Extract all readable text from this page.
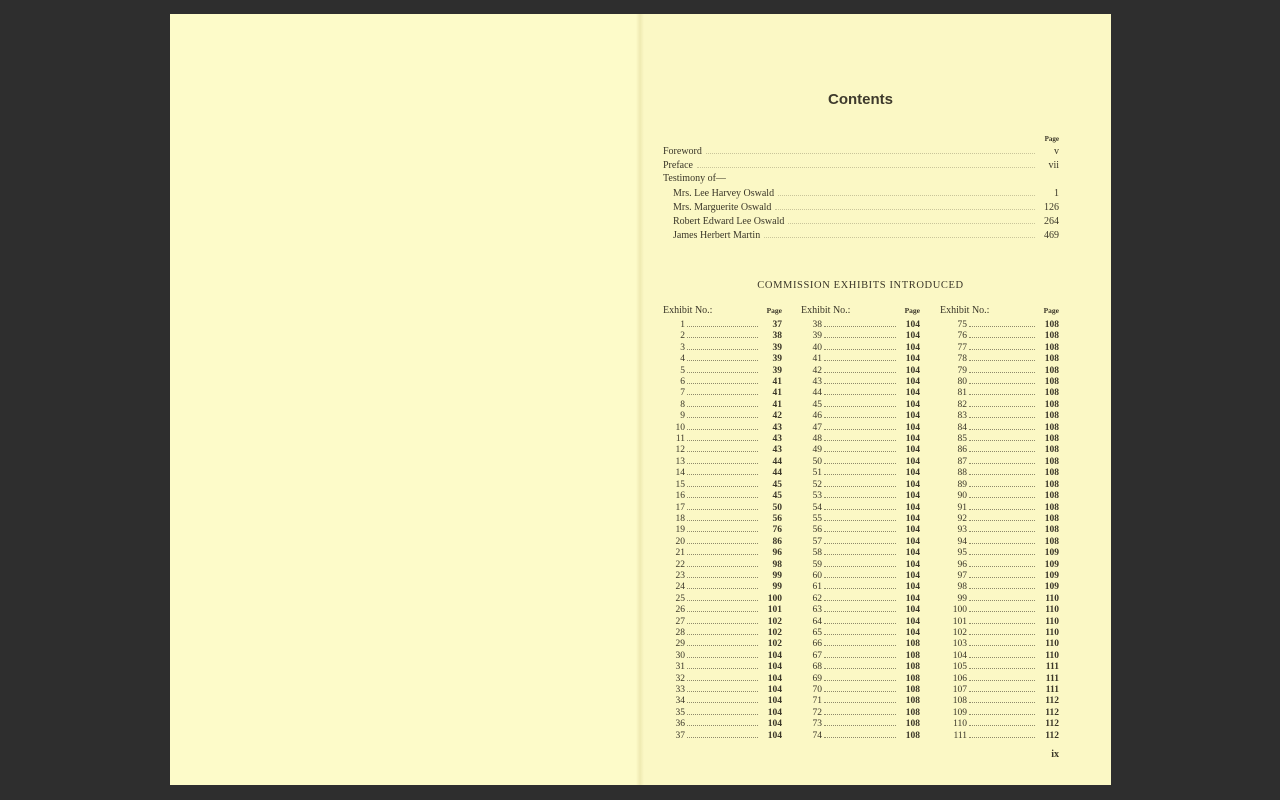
Contents
Page
Foreword	v
Preface	vii
Testimony of—
Mrs. Lee Harvey Oswald	1
Mrs. Marguerite Oswald	126
Robert Edward Lee Oswald	264
James Herbert Martin	469
COMMISSION EXHIBITS INTRODUCED
Exhibit No.:	Page
1	37
2	38
3	39
4	39
5	39
6	41
7	41
8	41
9	42
10	43
11	43
12	43
13	44
14	44
15	45
16	45
17	50
18	56
19	76
20	86
21	96
22	98
23	99
24	99
25	100
26	101
27	102
28	102
29	102
30	104
31	104
32	104
33	104
34	104
35	104
36	104
37	104
Exhibit No.:	Page
38	104
39	104
40	104
41	104
42	104
43	104
44	104
45	104
46	104
47	104
48	104
49	104
50	104
51	104
52	104
53	104
54	104
55	104
56	104
57	104
58	104
59	104
60	104
61	104
62	104
63	104
64	104
65	104
66	108
67	108
68	108
69	108
70	108
71	108
72	108
73	108
74	108
Exhibit No.:	Page
75	108
76	108
77	108
78	108
79	108
80	108
81	108
82	108
83	108
84	108
85	108
86	108
87	108
88	108
89	108
90	108
91	108
92	108
93	108
94	108
95	109
96	109
97	109
98	109
99	110
100	110
101	110
102	110
103	110
104	110
105	111
106	111
107	111
108	112
109	112
110	112
111	112
ix
